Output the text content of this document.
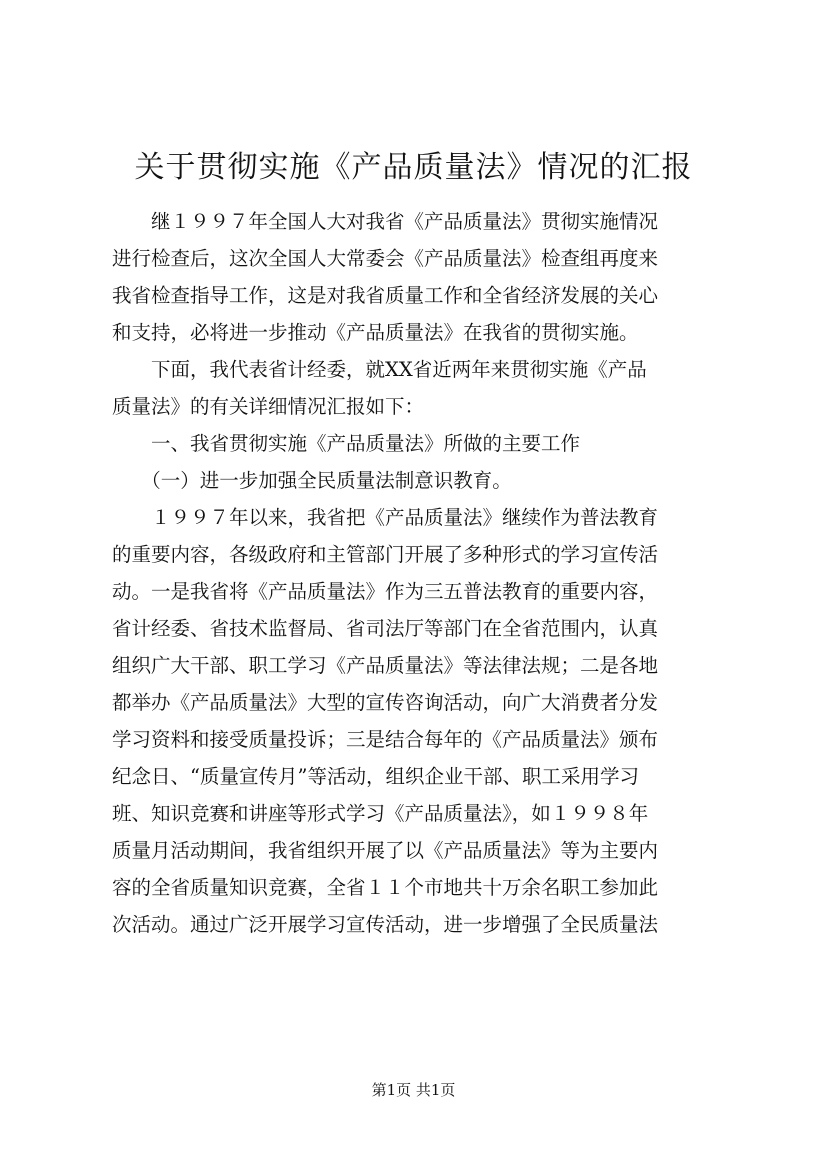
关于贯彻实施《产品质量法》情况的汇报
　　继１９９７年全国人大对我省《产品质量法》贯彻实施情况
进行检查后，这次全国人大常委会《产品质量法》检查组再度来
我省检查指导工作，这是对我省质量工作和全省经济发展的关心
和支持，必将进一步推动《产品质量法》在我省的贯彻实施。
　　下面，我代表省计经委，就XX省近两年来贯彻实施《产品
质量法》的有关详细情况汇报如下：
　　一、我省贯彻实施《产品质量法》所做的主要工作
　　（一）进一步加强全民质量法制意识教育。
　　１９９７年以来，我省把《产品质量法》继续作为普法教育
的重要内容，各级政府和主管部门开展了多种形式的学习宣传活
动。一是我省将《产品质量法》作为三五普法教育的重要内容，
省计经委、省技术监督局、省司法厅等部门在全省范围内，认真
组织广大干部、职工学习《产品质量法》等法律法规；二是各地
都举办《产品质量法》大型的宣传咨询活动，向广大消费者分发
学习资料和接受质量投诉；三是结合每年的《产品质量法》颁布
纪念日、“质量宣传月”等活动，组织企业干部、职工采用学习
班、知识竞赛和讲座等形式学习《产品质量法》，如１９９８年
质量月活动期间，我省组织开展了以《产品质量法》等为主要内
容的全省质量知识竞赛，全省１１个市地共十万余名职工参加此
次活动。通过广泛开展学习宣传活动，进一步增强了全民质量法
第1页 共1页
